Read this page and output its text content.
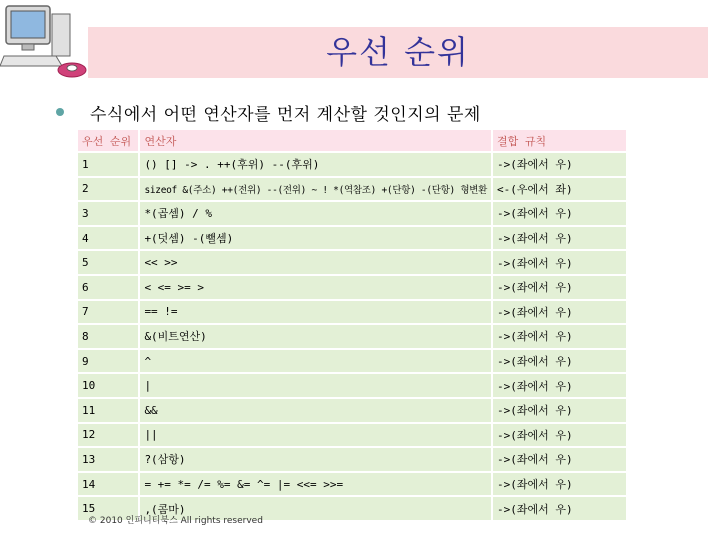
우선 순위
수식에서 어떤 연산자를 먼저 계산할 것인지의 문제
우선 순위	연산자	결합 규칙
1	() [] -> . ++(후위) --(후위)	->(좌에서 우)
2	sizeof &(주소) ++(전위) --(전위) ~ ! *(역참조) +(단항) -(단항) 형변환	<-(우에서 좌)
3	*(곱셈) / %	->(좌에서 우)
4	+(덧셈) -(뺄셈)	->(좌에서 우)
5	<< >>	->(좌에서 우)
6	< <= >= >	->(좌에서 우)
7	== !=	->(좌에서 우)
8	&(비트연산)	->(좌에서 우)
9	^	->(좌에서 우)
10	|	->(좌에서 우)
11	&&	->(좌에서 우)
12	||	->(좌에서 우)
13	?(삼항)	->(좌에서 우)
14	= += *= /= %= &= ^= |= <<= >>=	->(좌에서 우)
15	,(콤마)	->(좌에서 우)
© 2010 인피니티북스 All rights reserved
